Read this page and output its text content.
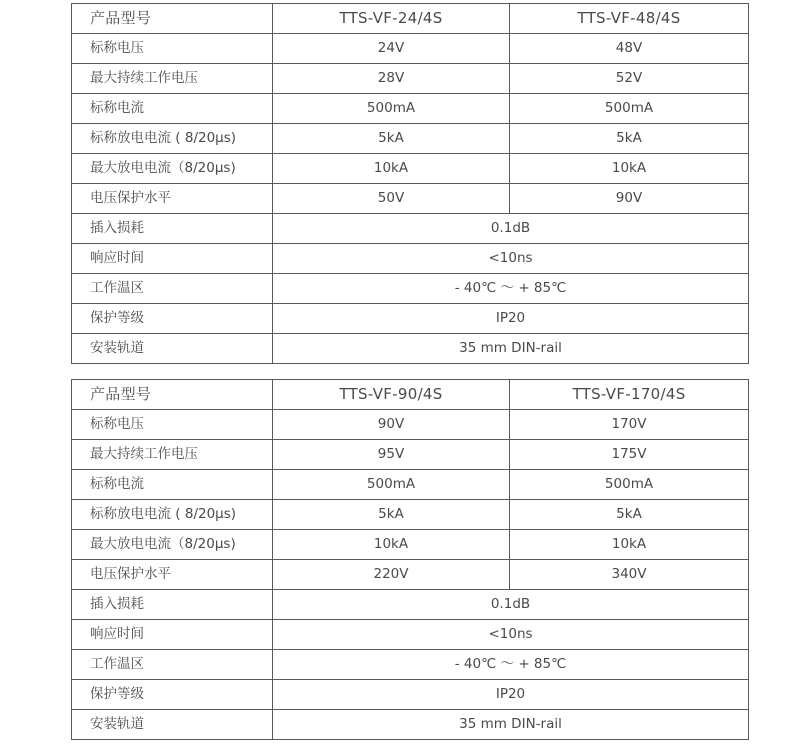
产品型号	TTS-VF-24/4S	TTS-VF-48/4S
标称电压	24V	48V
最大持续工作电压	28V	52V
标称电流	500mA	500mA
标称放电电流 ( 8/20μs)	5kA	5kA
最大放电电流（8/20μs)	10kA	10kA
电压保护水平	50V	90V
插入损耗	0.1dB	
响应时间	<10ns	
工作温区	- 40℃ ～ + 85℃	
保护等级	IP20	
安装轨道	35 mm DIN-rail	
产品型号	TTS-VF-90/4S	TTS-VF-170/4S
标称电压	90V	170V
最大持续工作电压	95V	175V
标称电流	500mA	500mA
标称放电电流 ( 8/20μs)	5kA	5kA
最大放电电流（8/20μs)	10kA	10kA
电压保护水平	220V	340V
插入损耗	0.1dB	
响应时间	<10ns	
工作温区	- 40℃ ～ + 85℃	
保护等级	IP20	
安装轨道	35 mm DIN-rail	
